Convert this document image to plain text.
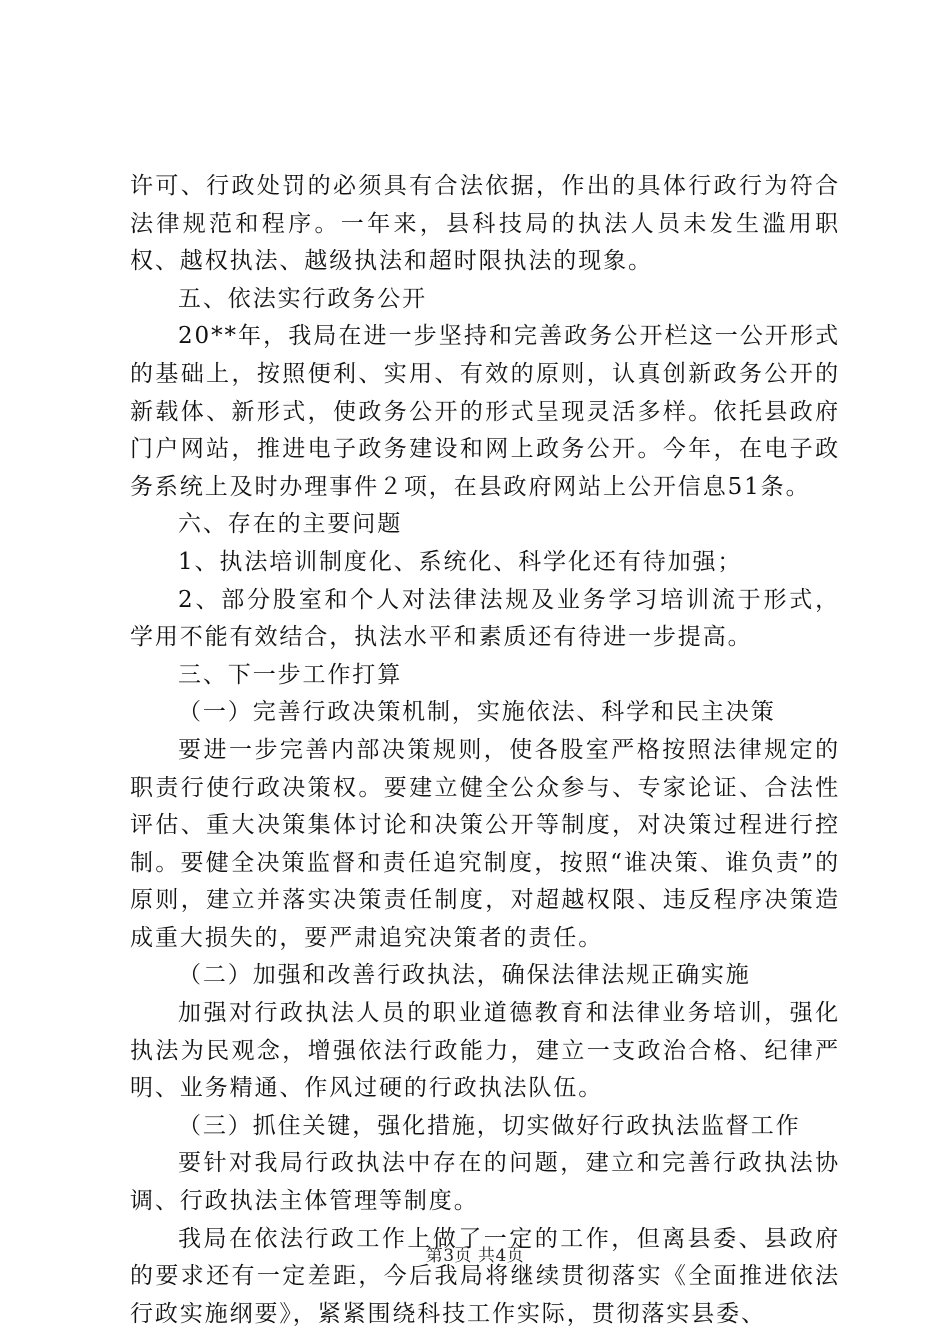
许可、行政处罚的必须具有合法依据，作出的具体行政行为符合法律规范和程序。一年来，县科技局的执法人员未发生滥用职权、越权执法、越级执法和超时限执法的现象。

五、依法实行政务公开

20**年，我局在进一步坚持和完善政务公开栏这一公开形式的基础上，按照便利、实用、有效的原则，认真创新政务公开的新载体、新形式，使政务公开的形式呈现灵活多样。依托县政府门户网站，推进电子政务建设和网上政务公开。今年，在电子政务系统上及时办理事件２项，在县政府网站上公开信息51条。

六、存在的主要问题

1、执法培训制度化、系统化、科学化还有待加强；

2、部分股室和个人对法律法规及业务学习培训流于形式，学用不能有效结合，执法水平和素质还有待进一步提高。

三、下一步工作打算

（一）完善行政决策机制，实施依法、科学和民主决策

要进一步完善内部决策规则，使各股室严格按照法律规定的职责行使行政决策权。要建立健全公众参与、专家论证、合法性评估、重大决策集体讨论和决策公开等制度，对决策过程进行控制。要健全决策监督和责任追究制度，按照“谁决策、谁负责”的原则，建立并落实决策责任制度，对超越权限、违反程序决策造成重大损失的，要严肃追究决策者的责任。

（二）加强和改善行政执法，确保法律法规正确实施

加强对行政执法人员的职业道德教育和法律业务培训，强化执法为民观念，增强依法行政能力，建立一支政治合格、纪律严明、业务精通、作风过硬的行政执法队伍。

（三）抓住关键，强化措施，切实做好行政执法监督工作

要针对我局行政执法中存在的问题，建立和完善行政执法协调、行政执法主体管理等制度。

我局在依法行政工作上做了一定的工作，但离县委、县政府的要求还有一定差距，今后我局将继续贯彻落实《全面推进依法行政实施纲要》，紧紧围绕科技工作实际，贯彻落实县委、

第3页 共4页
